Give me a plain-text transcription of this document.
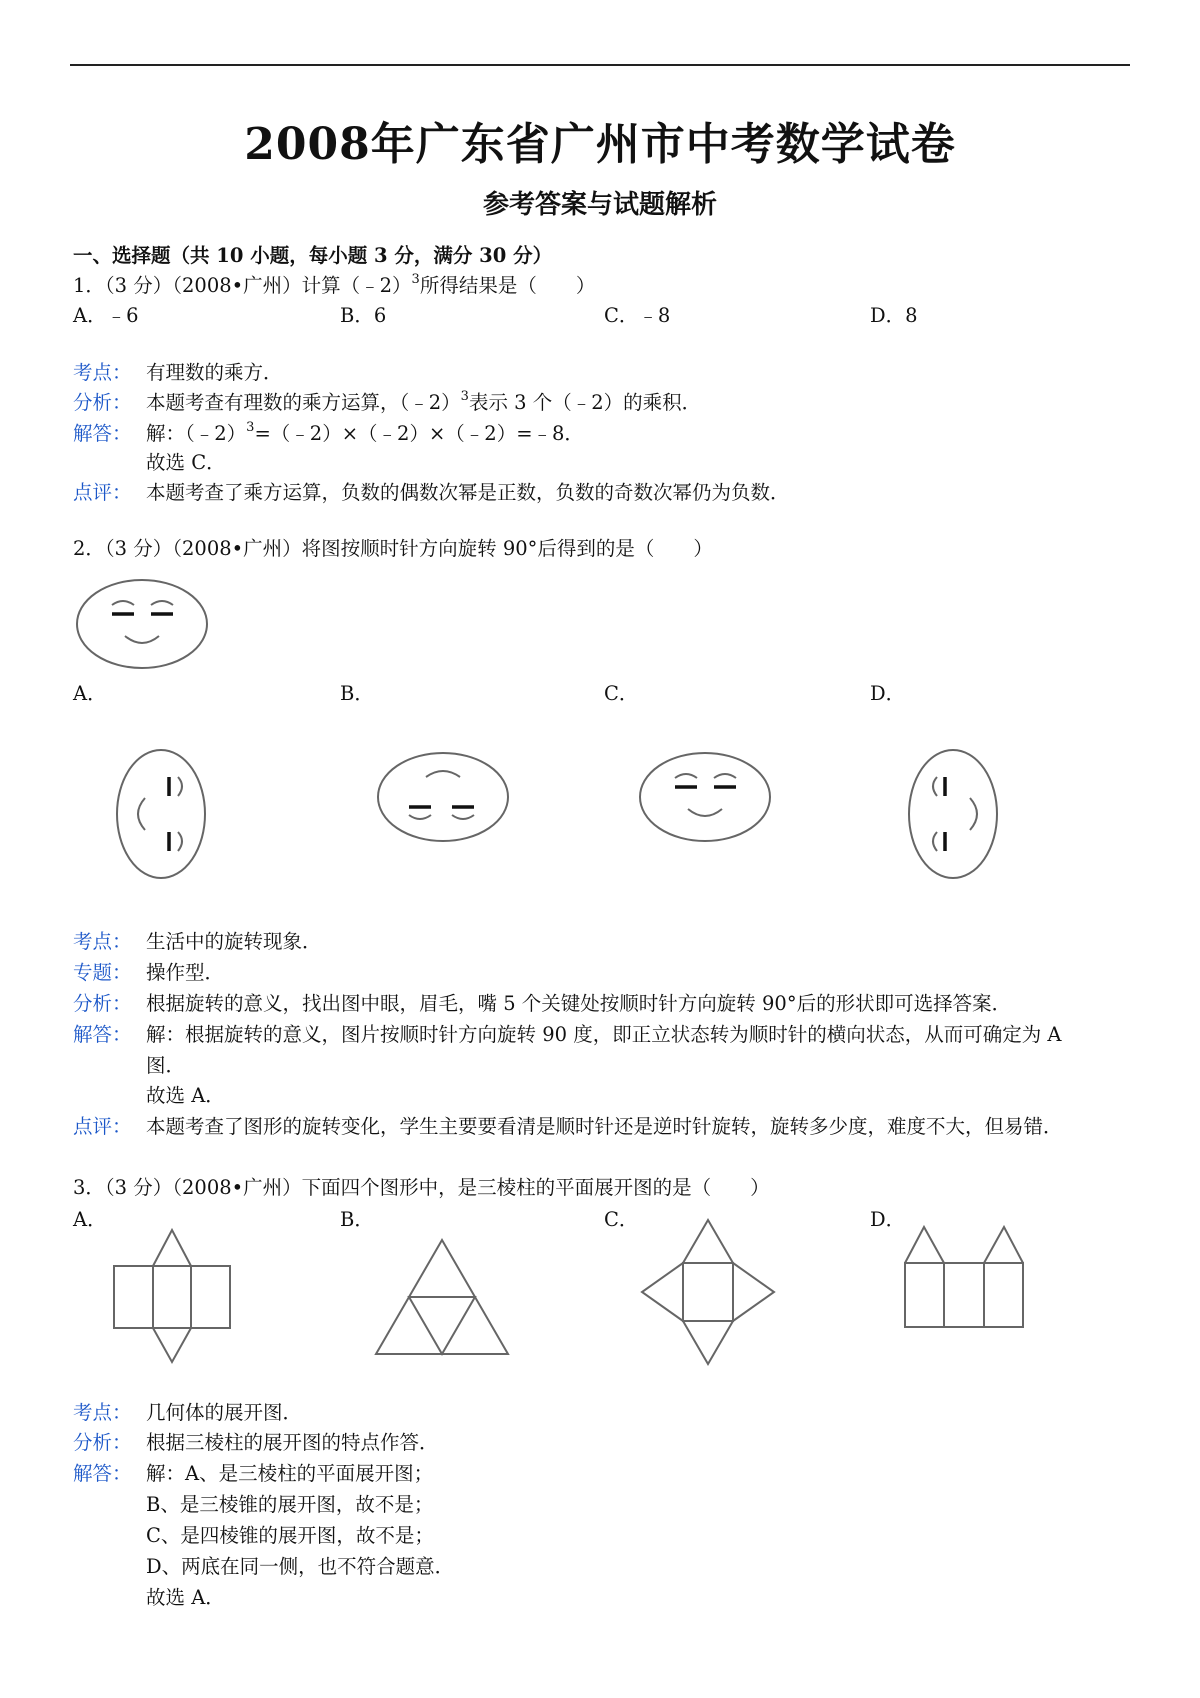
2008年广东省广州市中考数学试卷
参考答案与试题解析
一、选择题（共 10 小题，每小题 3 分，满分 30 分）
1．（3 分）（2008•广州）计算（﹣2）$^3$所得结果是（　　）
A．﹣6	B．6	C．﹣8	D．8
考点： 有理数的乘方．
分析： 本题考查有理数的乘方运算，（﹣2）$^3$表示 3 个（﹣2）的乘积．
解答： 解：（﹣2）$^3$=（﹣2）×（﹣2）×（﹣2）=﹣8．
故选 C．
点评： 本题考查了乘方运算，负数的偶数次幂是正数，负数的奇数次幂仍为负数．
2．（3 分）（2008•广州）将图按顺时针方向旋转 90°后得到的是（　　）
A．	B．	C．	D．
考点： 生活中的旋转现象．
专题： 操作型．
分析： 根据旋转的意义，找出图中眼，眉毛，嘴 5 个关键处按顺时针方向旋转 90°后的形状即可选择答案．
解答： 解：根据旋转的意义，图片按顺时针方向旋转 90 度，即正立状态转为顺时针的横向状态，从而可确定为 A
图．
故选 A．
点评： 本题考查了图形的旋转变化，学生主要要看清是顺时针还是逆时针旋转，旋转多少度，难度不大，但易错．
3．（3 分）（2008•广州）下面四个图形中，是三棱柱的平面展开图的是（　　）
A．	B．	C．	D．
考点： 几何体的展开图．
分析： 根据三棱柱的展开图的特点作答．
解答： 解：A、是三棱柱的平面展开图；
B、是三棱锥的展开图，故不是；
C、是四棱锥的展开图，故不是；
D、两底在同一侧，也不符合题意．
故选 A．
